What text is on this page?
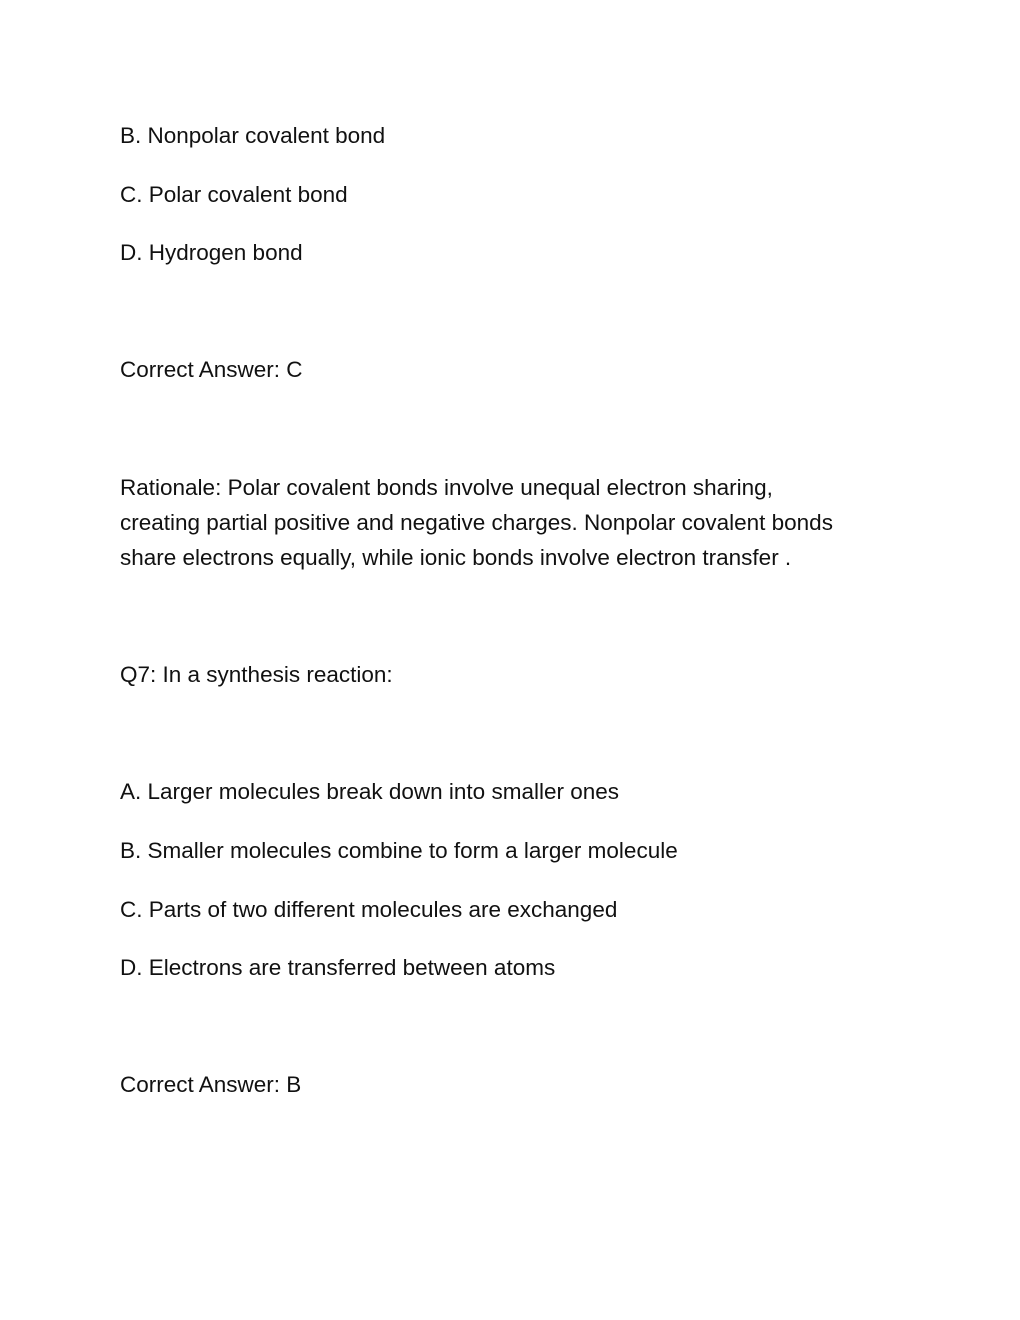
B. Nonpolar covalent bond

C. Polar covalent bond

D. Hydrogen bond

Correct Answer: C

Rationale: Polar covalent bonds involve unequal electron sharing,
creating partial positive and negative charges. Nonpolar covalent bonds
share electrons equally, while ionic bonds involve electron transfer .

Q7: In a synthesis reaction:

A. Larger molecules break down into smaller ones

B. Smaller molecules combine to form a larger molecule

C. Parts of two different molecules are exchanged

D. Electrons are transferred between atoms

Correct Answer: B
